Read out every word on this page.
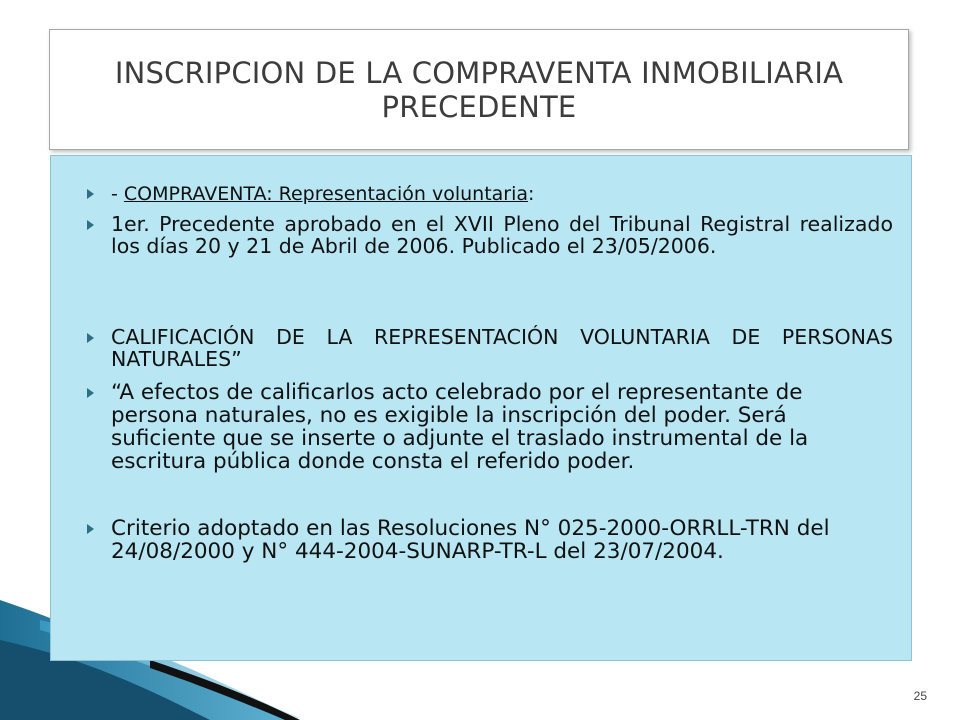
INSCRIPCION DE LA COMPRAVENTA INMOBILIARIA PRECEDENTE

- COMPRAVENTA: Representación voluntaria:

1er. Precedente aprobado en el XVII Pleno del Tribunal Registral realizado los días 20 y 21 de Abril de 2006. Publicado el 23/05/2006.

CALIFICACIÓN DE LA REPRESENTACIÓN VOLUNTARIA DE PERSONAS NATURALES”

“A efectos de calificarlos acto celebrado por el representante de persona naturales, no es exigible la inscripción del poder. Será suficiente que se inserte o adjunte el traslado instrumental de la escritura pública donde consta el referido poder.

Criterio adoptado en las Resoluciones N° 025-2000-ORRLL-TRN del 24/08/2000 y N° 444-2004-SUNARP-TR-L del 23/07/2004.

25
